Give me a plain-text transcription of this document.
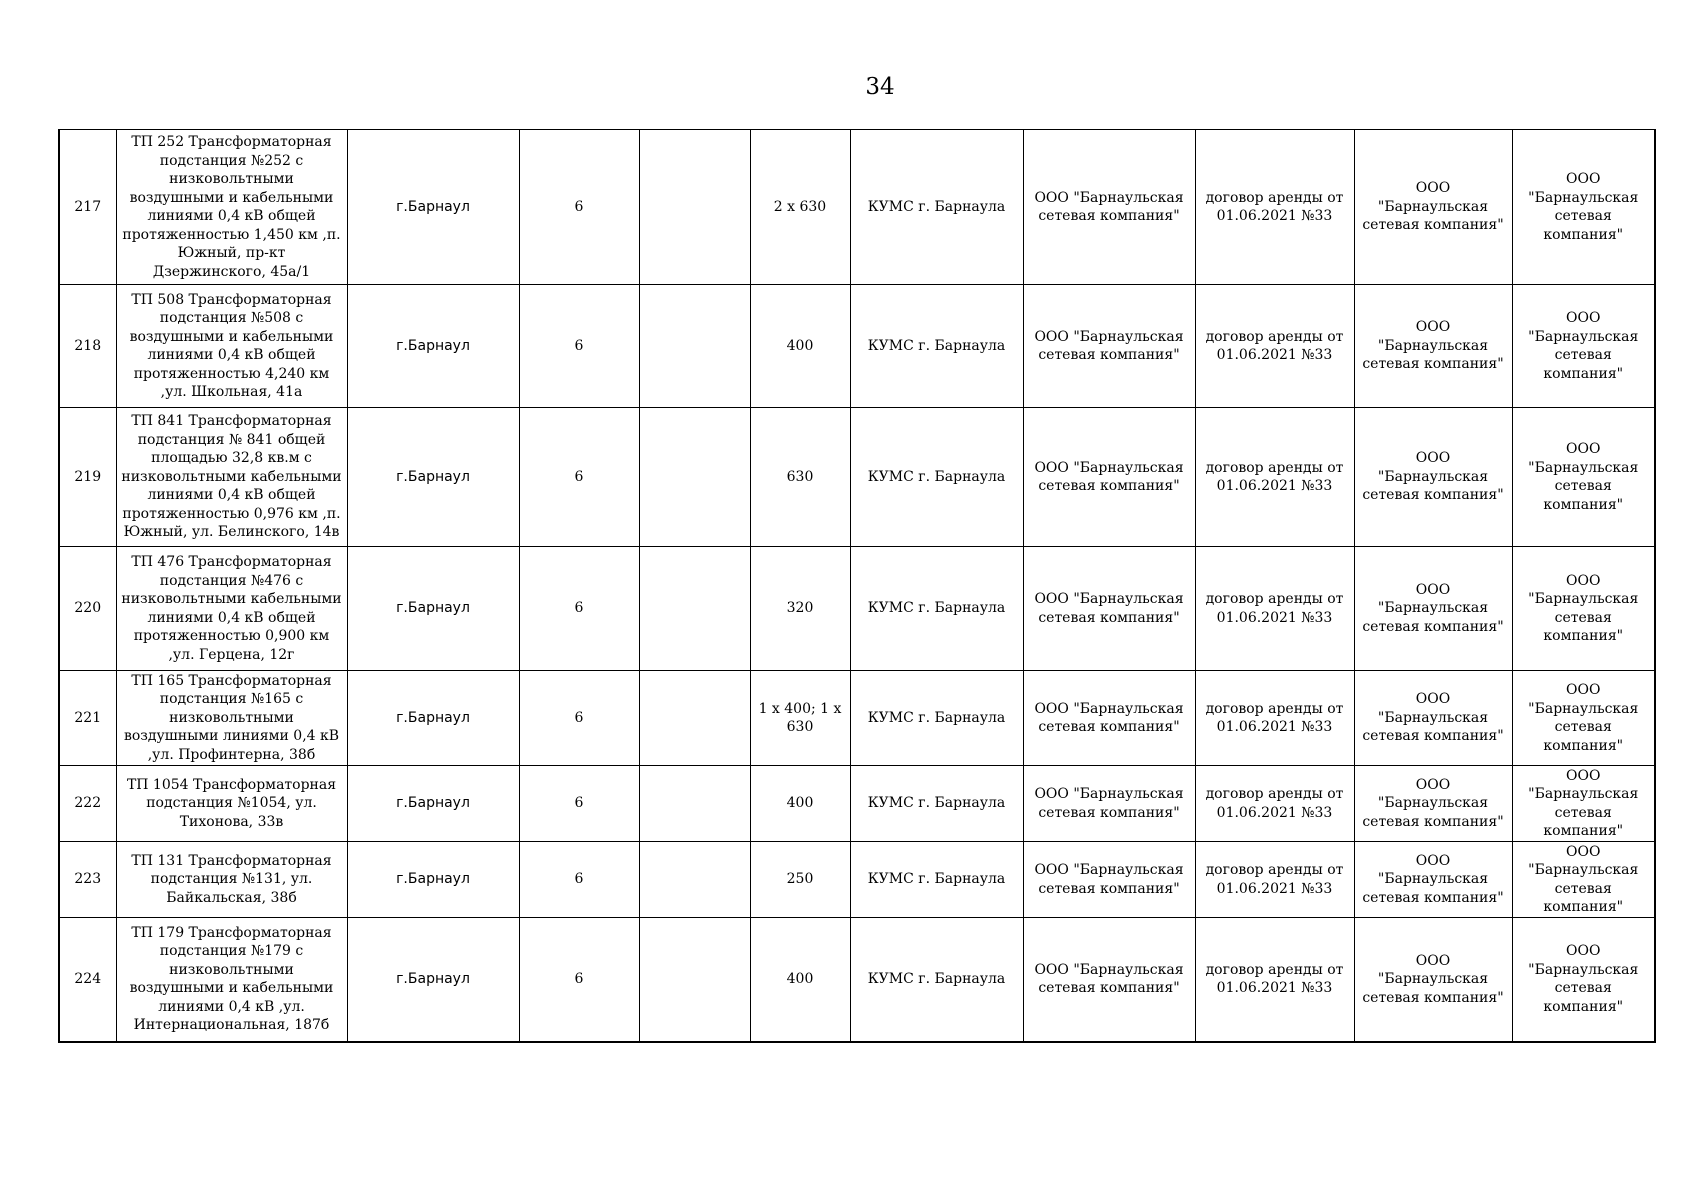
34
217	ТП 252 Трансформаторная подстанция №252 с низковольтными воздушными и кабельными линиями 0,4 кВ общей протяженностью 1,450 км ,п. Южный, пр-кт Дзержинского, 45а/1	г.Барнаул	6		2 x 630	КУМС г. Барнаула	ООО "Барнаульская сетевая компания"	договор аренды от 01.06.2021 №33	ООО "Барнаульская сетевая компания"	ООО "Барнаульская сетевая компания"
218	ТП 508 Трансформаторная подстанция №508 с воздушными и кабельными линиями 0,4 кВ общей протяженностью 4,240 км ,ул. Школьная, 41а	г.Барнаул	6		400	КУМС г. Барнаула	ООО "Барнаульская сетевая компания"	договор аренды от 01.06.2021 №33	ООО "Барнаульская сетевая компания"	ООО "Барнаульская сетевая компания"
219	ТП 841 Трансформаторная подстанция № 841 общей площадью 32,8 кв.м с низковольтными кабельными линиями 0,4 кВ общей протяженностью 0,976 км ,п. Южный, ул. Белинского, 14в	г.Барнаул	6		630	КУМС г. Барнаула	ООО "Барнаульская сетевая компания"	договор аренды от 01.06.2021 №33	ООО "Барнаульская сетевая компания"	ООО "Барнаульская сетевая компания"
220	ТП 476 Трансформаторная подстанция №476 с низковольтными кабельными линиями 0,4 кВ общей протяженностью 0,900 км ,ул. Герцена, 12г	г.Барнаул	6		320	КУМС г. Барнаула	ООО "Барнаульская сетевая компания"	договор аренды от 01.06.2021 №33	ООО "Барнаульская сетевая компания"	ООО "Барнаульская сетевая компания"
221	ТП 165 Трансформаторная подстанция №165 с низковольтными воздушными линиями 0,4 кВ ,ул. Профинтерна, 38б	г.Барнаул	6		1 x 400; 1 x 630	КУМС г. Барнаула	ООО "Барнаульская сетевая компания"	договор аренды от 01.06.2021 №33	ООО "Барнаульская сетевая компания"	ООО "Барнаульская сетевая компания"
222	ТП 1054 Трансформаторная подстанция №1054, ул. Тихонова, 33в	г.Барнаул	6		400	КУМС г. Барнаула	ООО "Барнаульская сетевая компания"	договор аренды от 01.06.2021 №33	ООО "Барнаульская сетевая компания"	ООО "Барнаульская сетевая компания"
223	ТП 131 Трансформаторная подстанция №131, ул. Байкальская, 38б	г.Барнаул	6		250	КУМС г. Барнаула	ООО "Барнаульская сетевая компания"	договор аренды от 01.06.2021 №33	ООО "Барнаульская сетевая компания"	ООО "Барнаульская сетевая компания"
224	ТП 179 Трансформаторная подстанция №179 с низковольтными воздушными и кабельными линиями 0,4 кВ ,ул. Интернациональная, 187б	г.Барнаул	6		400	КУМС г. Барнаула	ООО "Барнаульская сетевая компания"	договор аренды от 01.06.2021 №33	ООО "Барнаульская сетевая компания"	ООО "Барнаульская сетевая компания"
